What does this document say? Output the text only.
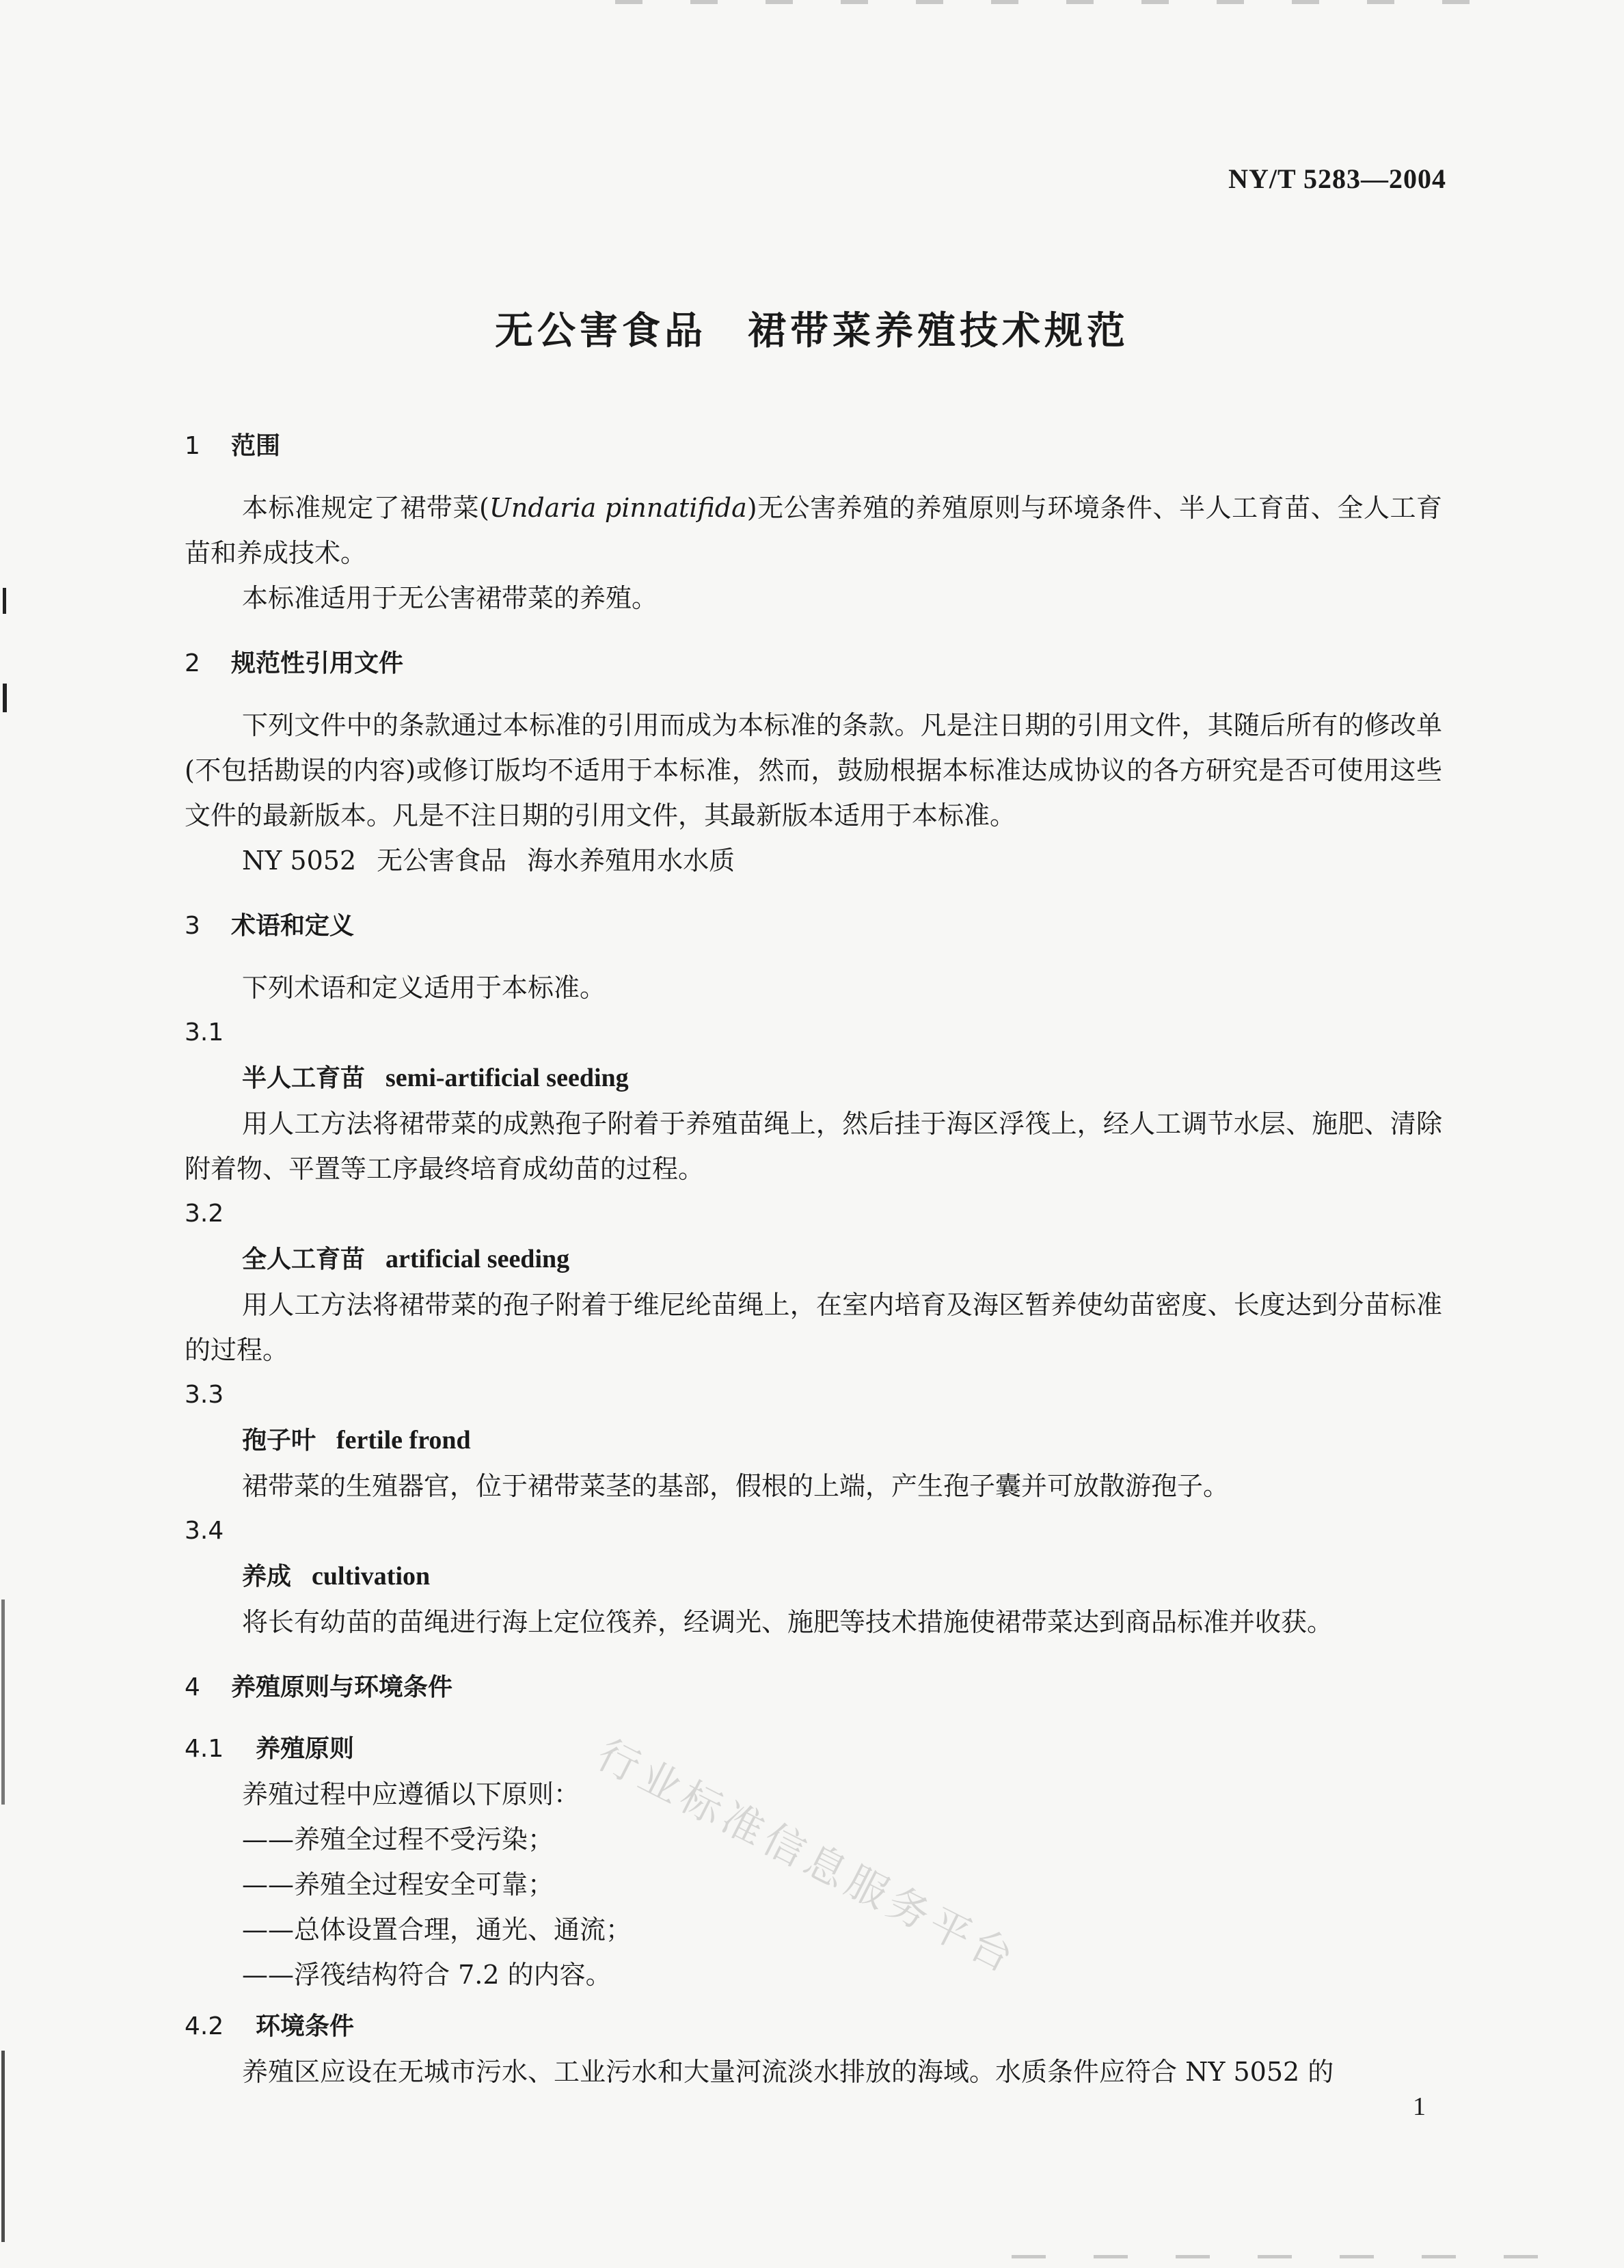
NY/T 5283—2004
无公害食品 裙带菜养殖技术规范
1 范围
本标准规定了裙带菜(Undaria pinnatifida)无公害养殖的养殖原则与环境条件、半人工育苗、全人工育苗和养成技术。
本标准适用于无公害裙带菜的养殖。
2 规范性引用文件
下列文件中的条款通过本标准的引用而成为本标准的条款。凡是注日期的引用文件，其随后所有的修改单(不包括勘误的内容)或修订版均不适用于本标准，然而，鼓励根据本标准达成协议的各方研究是否可使用这些文件的最新版本。凡是不注日期的引用文件，其最新版本适用于本标准。
NY 5052 无公害食品 海水养殖用水水质
3 术语和定义
下列术语和定义适用于本标准。
3.1
半人工育苗 semi-artificial seeding
用人工方法将裙带菜的成熟孢子附着于养殖苗绳上，然后挂于海区浮筏上，经人工调节水层、施肥、清除附着物、平置等工序最终培育成幼苗的过程。
3.2
全人工育苗 artificial seeding
用人工方法将裙带菜的孢子附着于维尼纶苗绳上，在室内培育及海区暂养使幼苗密度、长度达到分苗标准的过程。
3.3
孢子叶 fertile frond
裙带菜的生殖器官，位于裙带菜茎的基部，假根的上端，产生孢子囊并可放散游孢子。
3.4
养成 cultivation
将长有幼苗的苗绳进行海上定位筏养，经调光、施肥等技术措施使裙带菜达到商品标准并收获。
4 养殖原则与环境条件
4.1 养殖原则
养殖过程中应遵循以下原则：
——养殖全过程不受污染；
——养殖全过程安全可靠；
——总体设置合理，通光、通流；
——浮筏结构符合 7.2 的内容。
4.2 环境条件
养殖区应设在无城市污水、工业污水和大量河流淡水排放的海域。水质条件应符合 NY 5052 的
行业标准信息服务平台
1
